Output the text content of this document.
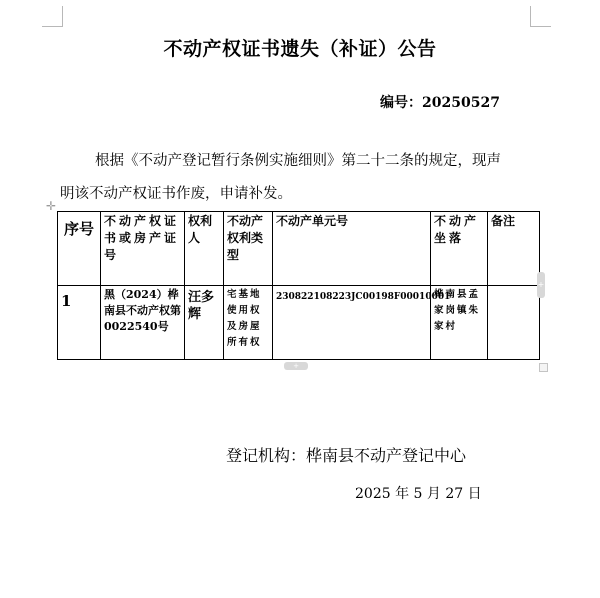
不动产权证书遗失（补证）公告
编号：20250527
根据《不动产登记暂行条例实施细则》第二十二条的规定，现声
明该不动产权证书作废，申请补发。
✛
序号	不动产权证书或房产证号	权利人	不动产权利类型	不动产单元号	不动产坐落	备注
1	黑（2024）桦南县不动产权第0022540号	汪多辉	宅基地使用权及房屋所有权	230822108223JC00198F00010001	桦南县孟家岗镇朱家村	
+
+
登记机构：桦南县不动产登记中心
2025 年 5 月 27 日
